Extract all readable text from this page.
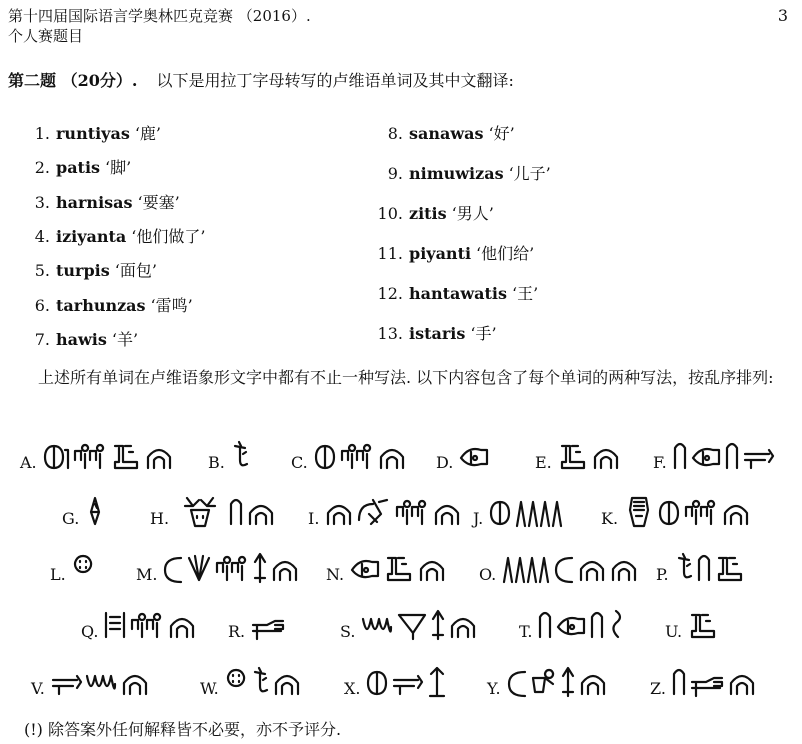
第十四届国际语言学奥林匹克竞赛 （2016）.
个人赛题目
3
第二题 （20分）. 以下是用拉丁字母转写的卢维语单词及其中文翻译:
1. runtiyas ‘鹿’
2. patis ‘脚’
3. harnisas ‘要塞’
4. iziyanta ‘他们做了’
5. turpis ‘面包’
6. tarhunzas ‘雷鸣’
7. hawis ‘羊’
8. sanawas ‘好’
9. nimuwizas ‘儿子’
10. zitis ‘男人’
11. piyanti ‘他们给’
12. hantawatis ‘王’
13. istaris ‘手’
上述所有单词在卢维语象形文字中都有不止一种写法. 以下内容包含了每个单词的两种写法，按乱序排列:
A.	B.	C.	D.	E.	F.
G.	H.	I.	J.	K.
L.	M.	N.	O.	P.
Q.	R.	S.	T.	U.
V.	W.	X.	Y.	Z.
(!) 除答案外任何解释皆不必要，亦不予评分.
